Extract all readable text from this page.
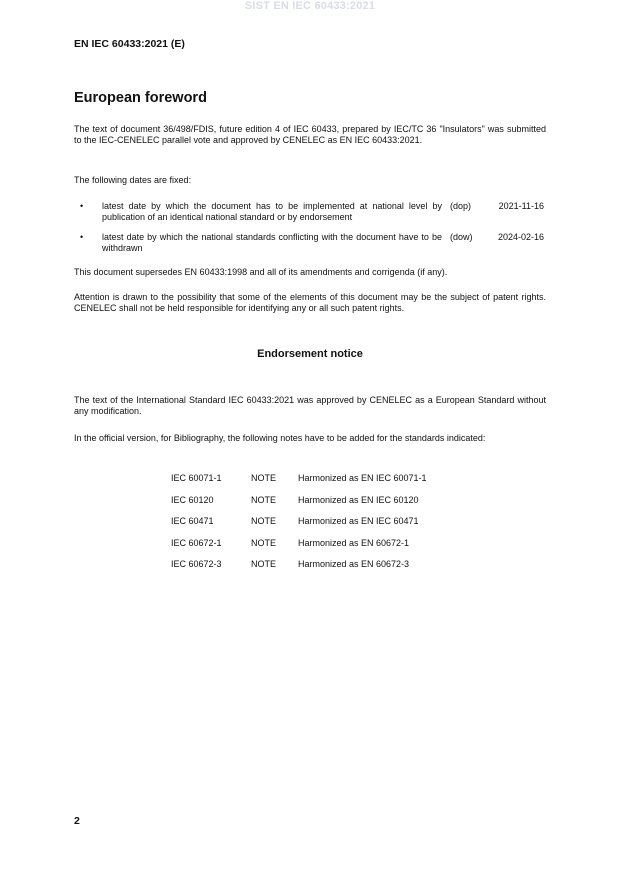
SIST EN IEC 60433:2021
EN IEC 60433:2021 (E)
European foreword

The text of document 36/498/FDIS, future edition 4 of IEC 60433, prepared by IEC/TC 36 "Insulators" was submitted to the IEC-CENELEC parallel vote and approved by CENELEC as EN IEC 60433:2021.

The following dates are fixed:

• latest date by which the document has to be implemented at national level by publication of an identical national standard or by endorsement
(dop)	2021-11-16
• latest date by which the national standards conflicting with the document have to be withdrawn
(dow)	2024-02-16

This document supersedes EN 60433:1998 and all of its amendments and corrigenda (if any).

Attention is drawn to the possibility that some of the elements of this document may be the subject of patent rights. CENELEC shall not be held responsible for identifying any or all such patent rights.

Endorsement notice

The text of the International Standard IEC 60433:2021 was approved by CENELEC as a European Standard without any modification.

In the official version, for Bibliography, the following notes have to be added for the standards indicated:

IEC 60071-1	NOTE Harmonized as EN IEC 60071-1
IEC 60120	NOTE Harmonized as EN IEC 60120
IEC 60471	NOTE Harmonized as EN IEC 60471
IEC 60672-1	NOTE Harmonized as EN 60672-1
IEC 60672-3	NOTE Harmonized as EN 60672-3
2
